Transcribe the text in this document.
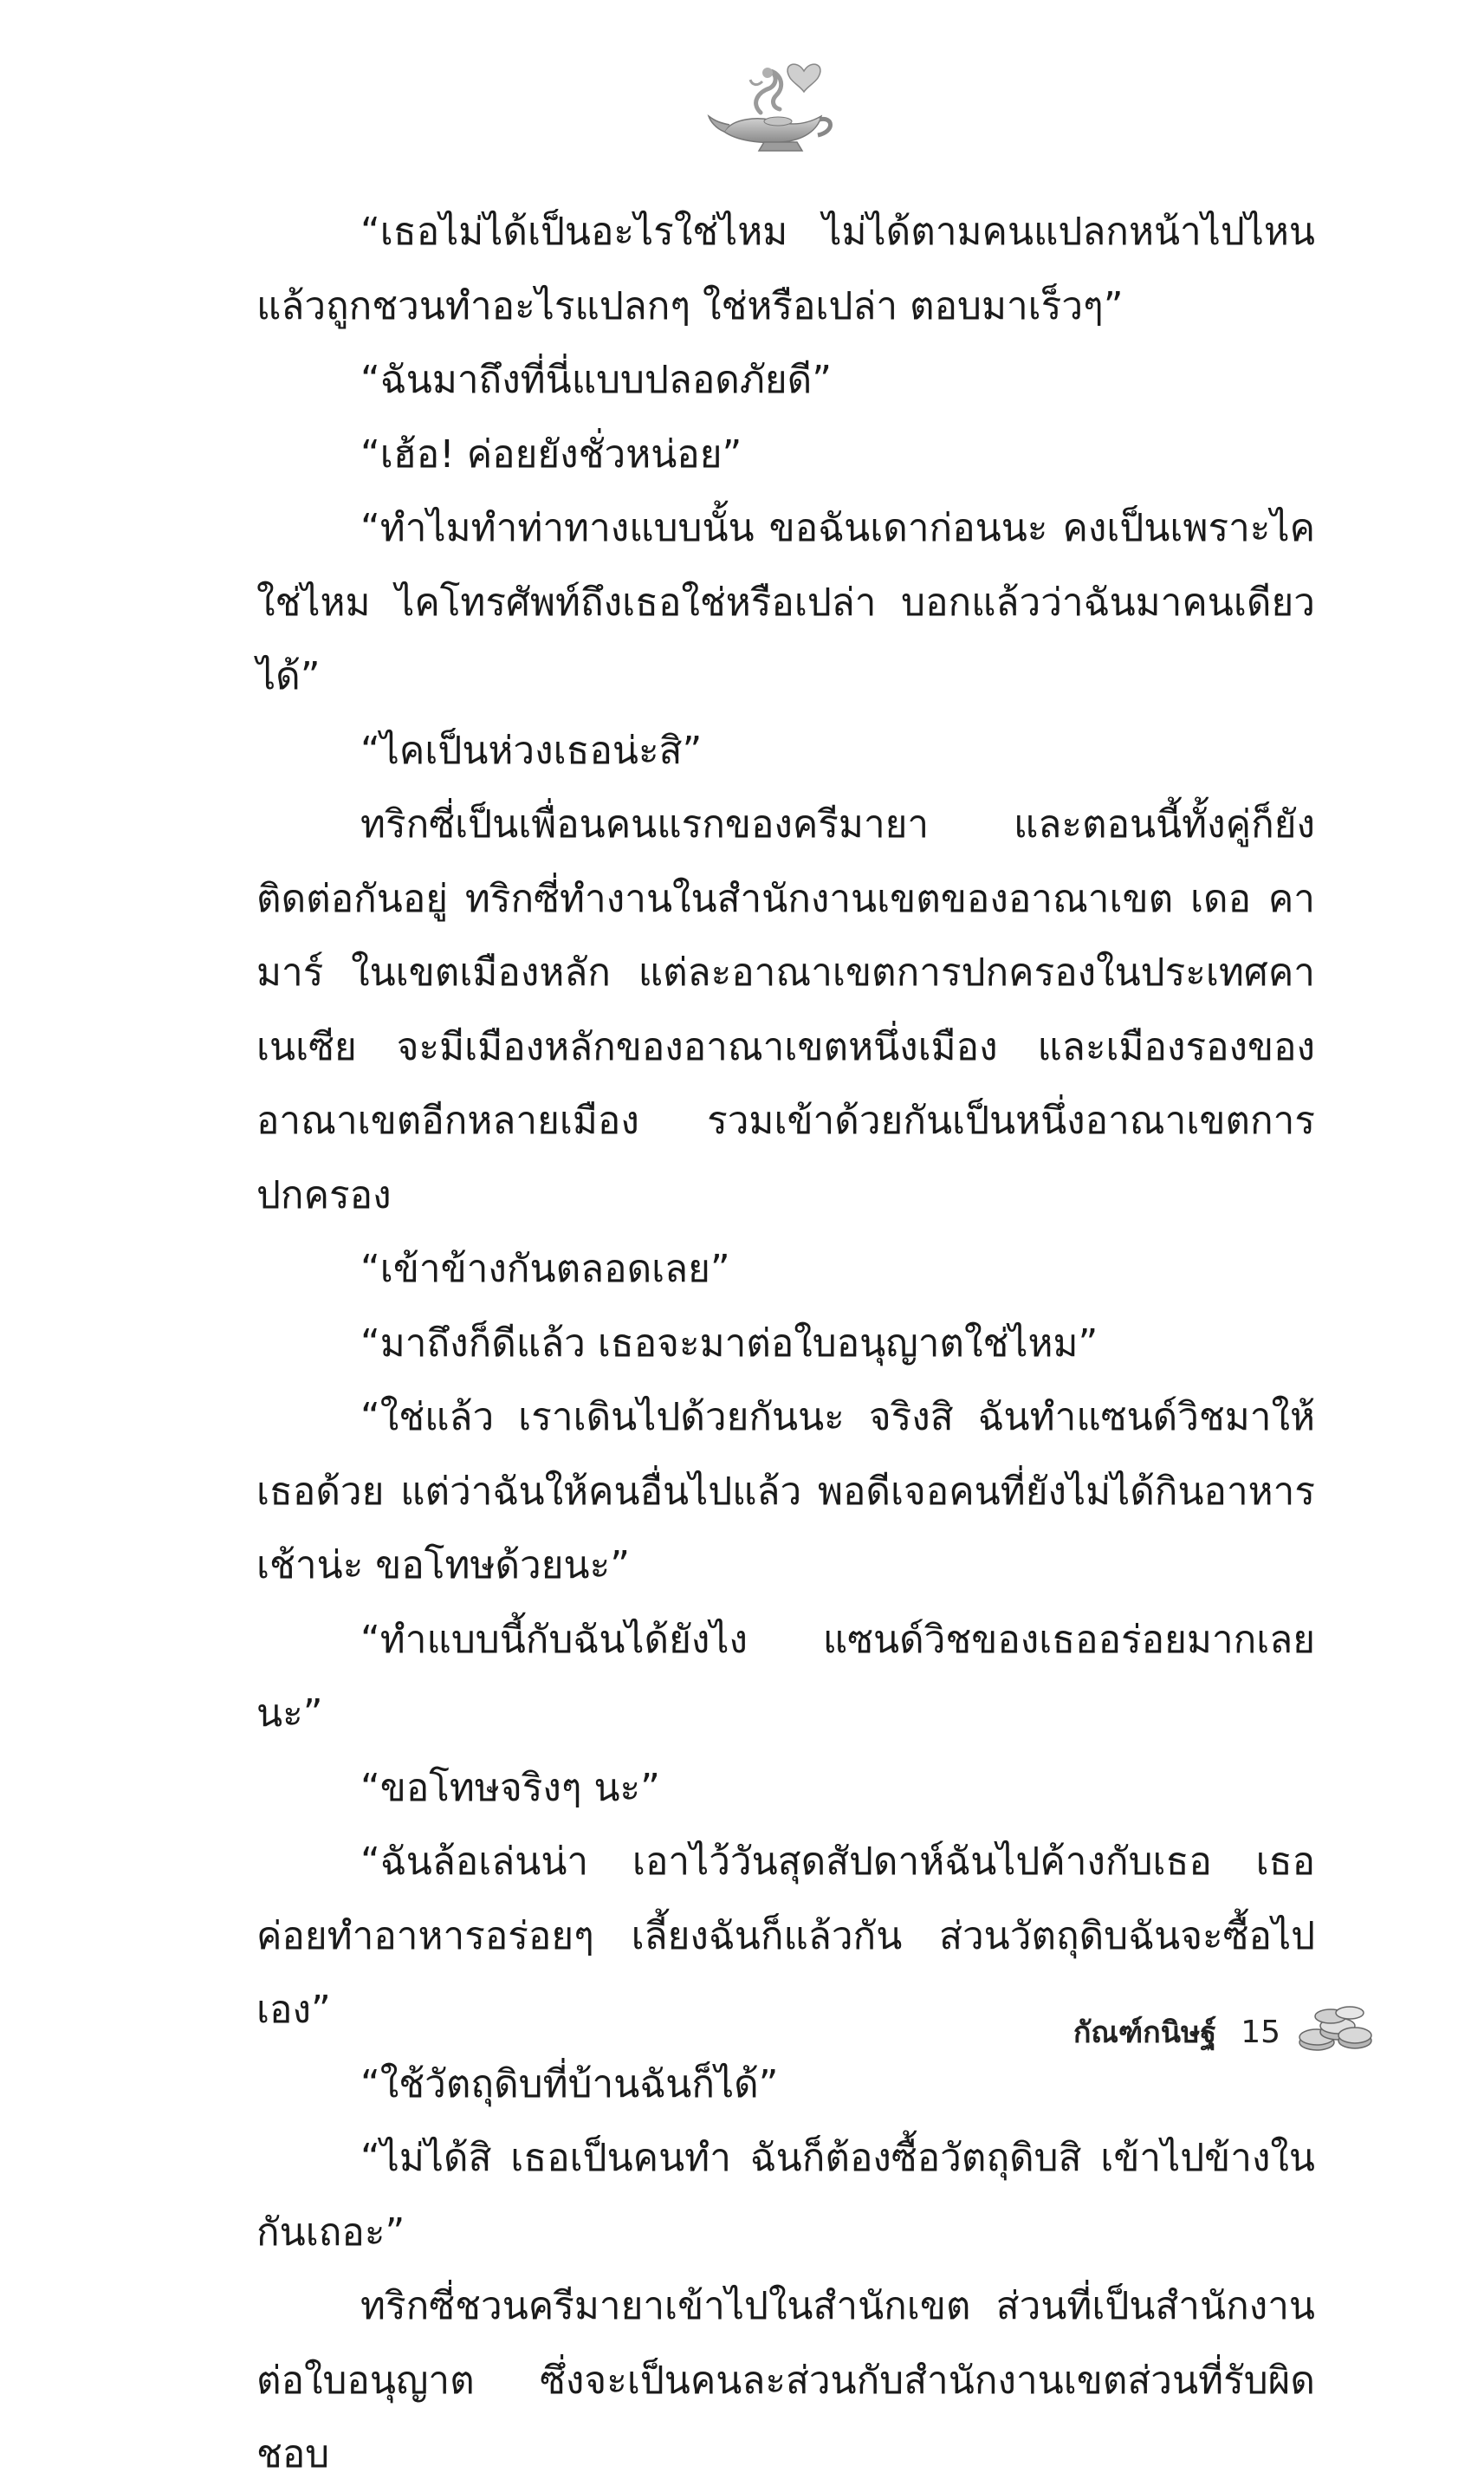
“เธอไม่ได้เป็นอะไรใช่ไหม ไม่ได้ตามคนแปลกหน้าไปไหน แล้วถูกชวนทำอะไรแปลกๆ ใช่หรือเปล่า ตอบมาเร็วๆ”

“ฉันมาถึงที่นี่แบบปลอดภัยดี”

“เฮ้อ! ค่อยยังชั่วหน่อย”

“ทำไมทำท่าทางแบบนั้น ขอฉันเดาก่อนนะ คงเป็นเพราะไคใช่ไหม ไคโทรศัพท์ถึงเธอใช่หรือเปล่า บอกแล้วว่าฉันมาคนเดียวได้”

“ไคเป็นห่วงเธอน่ะสิ”

ทริกซี่เป็นเพื่อนคนแรกของครีมายา และตอนนี้ทั้งคู่ก็ยังติดต่อกันอยู่ ทริกซี่ทำงานในสำนักงานเขตของอาณาเขต เดอ คามาร์ ในเขตเมืองหลัก แต่ละอาณาเขตการปกครองในประเทศคาเนเซีย จะมีเมืองหลักของอาณาเขตหนึ่งเมือง และเมืองรองของอาณาเขตอีกหลายเมือง รวมเข้าด้วยกันเป็นหนึ่งอาณาเขตการปกครอง

“เข้าข้างกันตลอดเลย”

“มาถึงก็ดีแล้ว เธอจะมาต่อใบอนุญาตใช่ไหม”

“ใช่แล้ว เราเดินไปด้วยกันนะ จริงสิ ฉันทำแซนด์วิชมาให้เธอด้วย แต่ว่าฉันให้คนอื่นไปแล้ว พอดีเจอคนที่ยังไม่ได้กินอาหารเช้าน่ะ ขอโทษด้วยนะ”

“ทำแบบนี้กับฉันได้ยังไง แซนด์วิชของเธออร่อยมากเลยนะ”

“ขอโทษจริงๆ นะ”

“ฉันล้อเล่นน่า เอาไว้วันสุดสัปดาห์ฉันไปค้างกับเธอ เธอค่อยทำอาหารอร่อยๆ เลี้ยงฉันก็แล้วกัน ส่วนวัตถุดิบฉันจะซื้อไปเอง”

“ใช้วัตถุดิบที่บ้านฉันก็ได้”

“ไม่ได้สิ เธอเป็นคนทำ ฉันก็ต้องซื้อวัตถุดิบสิ เข้าไปข้างในกันเถอะ”

ทริกซี่ชวนครีมายาเข้าไปในสำนักเขต ส่วนที่เป็นสำนักงานต่อใบอนุญาต ซึ่งจะเป็นคนละส่วนกับสำนักงานเขตส่วนที่รับผิดชอบ

กัณฑ์กนิษฐ์ 15
